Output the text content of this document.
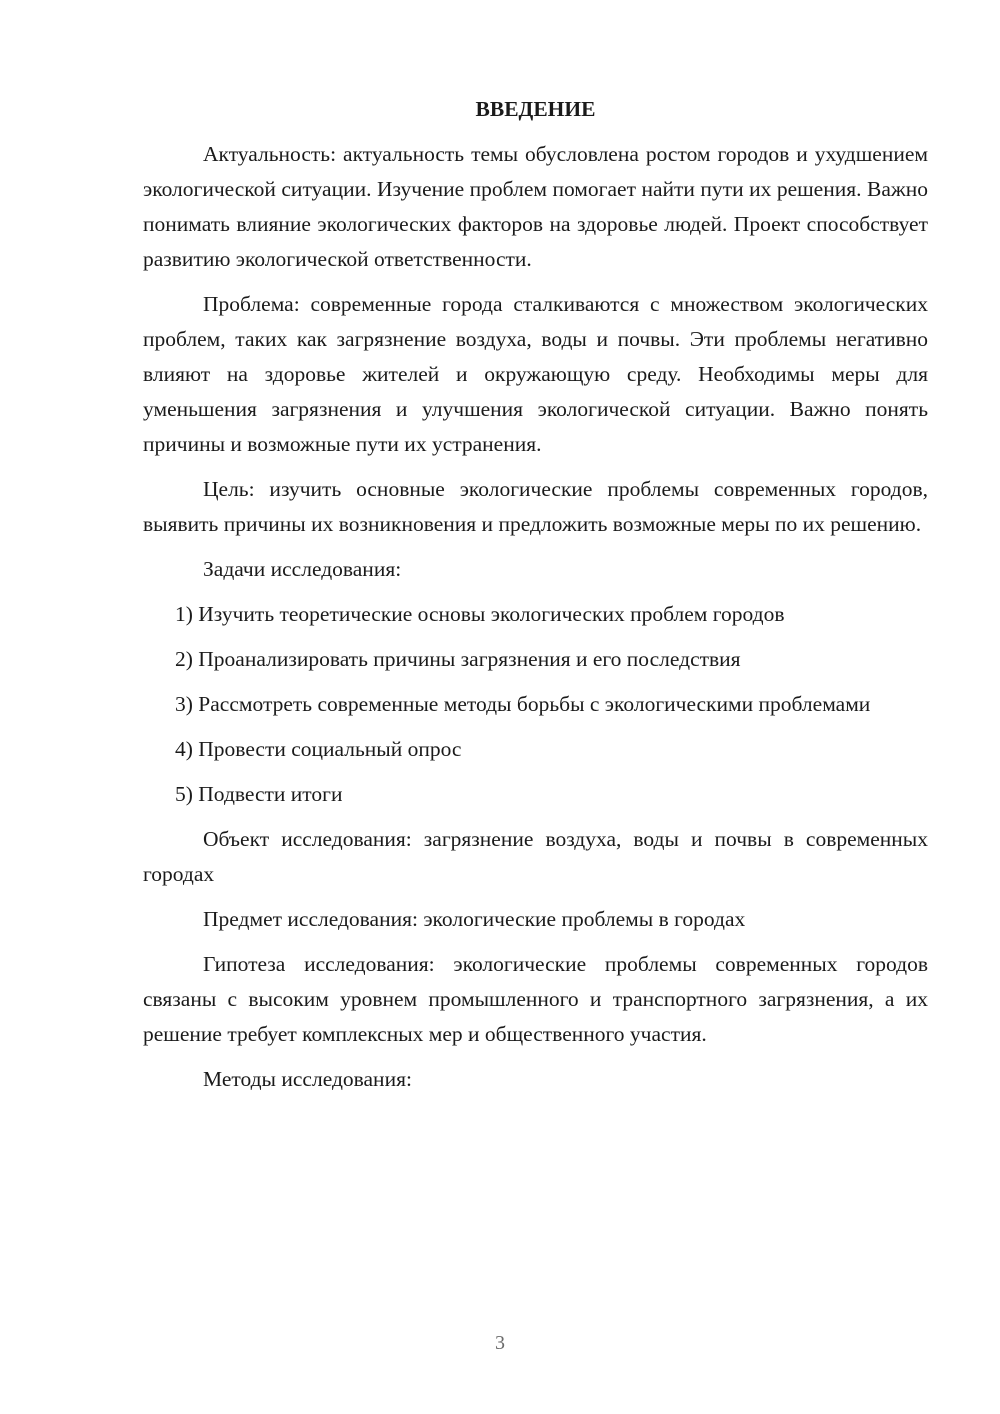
ВВЕДЕНИЕ

Актуальность: актуальность темы обусловлена ростом городов и ухудшением экологической ситуации. Изучение проблем помогает найти пути их решения. Важно понимать влияние экологических факторов на здоровье людей. Проект способствует развитию экологической ответственности.

Проблема: современные города сталкиваются с множеством экологических проблем, таких как загрязнение воздуха, воды и почвы. Эти проблемы негативно влияют на здоровье жителей и окружающую среду. Необходимы меры для уменьшения загрязнения и улучшения экологической ситуации. Важно понять причины и возможные пути их устранения.

Цель: изучить основные экологические проблемы современных городов, выявить причины их возникновения и предложить возможные меры по их решению.

Задачи исследования:

1) Изучить теоретические основы экологических проблем городов

2) Проанализировать причины загрязнения и его последствия

3) Рассмотреть современные методы борьбы с экологическими проблемами

4) Провести социальный опрос

5) Подвести итоги

Объект исследования: загрязнение воздуха, воды и почвы в современных городах

Предмет исследования: экологические проблемы в городах

Гипотеза исследования: экологические проблемы современных городов связаны с высоким уровнем промышленного и транспортного загрязнения, а их решение требует комплексных мер и общественного участия.

Методы исследования:

3
